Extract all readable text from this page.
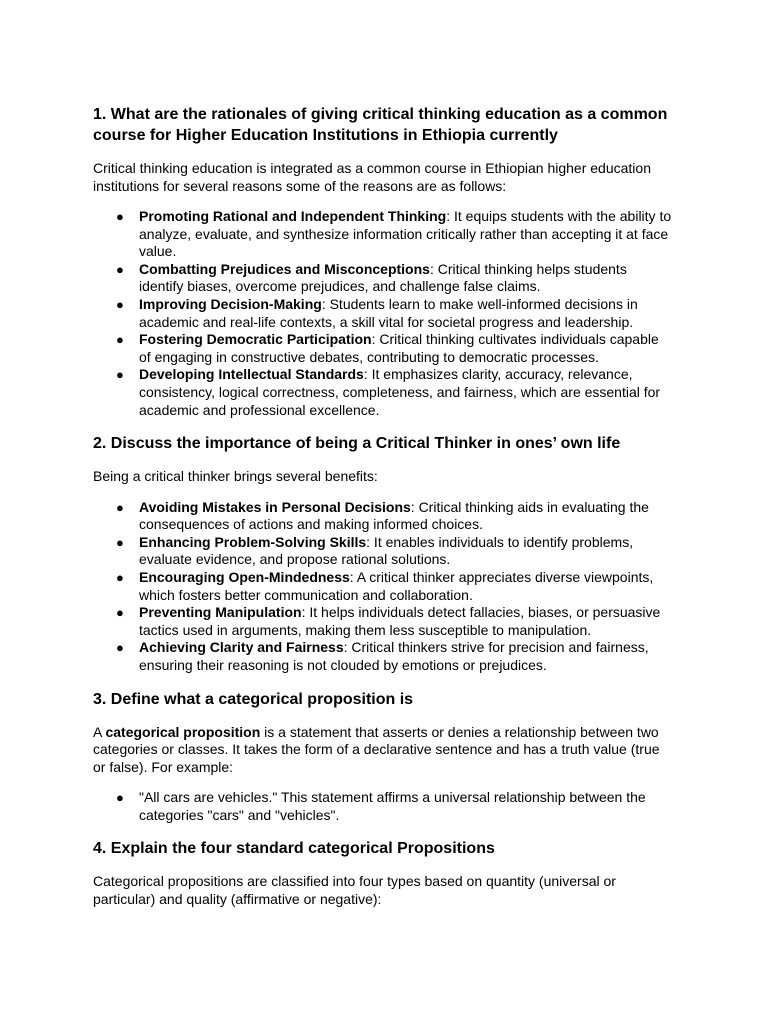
1. What are the rationales of giving critical thinking education as a common course for Higher Education Institutions in Ethiopia currently

Critical thinking education is integrated as a common course in Ethiopian higher education institutions for several reasons some of the reasons are as follows:

● Promoting Rational and Independent Thinking: It equips students with the ability to analyze, evaluate, and synthesize information critically rather than accepting it at face value.
● Combatting Prejudices and Misconceptions: Critical thinking helps students identify biases, overcome prejudices, and challenge false claims.
● Improving Decision-Making: Students learn to make well-informed decisions in academic and real-life contexts, a skill vital for societal progress and leadership.
● Fostering Democratic Participation: Critical thinking cultivates individuals capable of engaging in constructive debates, contributing to democratic processes.
● Developing Intellectual Standards: It emphasizes clarity, accuracy, relevance, consistency, logical correctness, completeness, and fairness, which are essential for academic and professional excellence.
2. Discuss the importance of being a Critical Thinker in ones’ own life

Being a critical thinker brings several benefits:

● Avoiding Mistakes in Personal Decisions: Critical thinking aids in evaluating the consequences of actions and making informed choices.
● Enhancing Problem-Solving Skills: It enables individuals to identify problems, evaluate evidence, and propose rational solutions.
● Encouraging Open-Mindedness: A critical thinker appreciates diverse viewpoints, which fosters better communication and collaboration.
● Preventing Manipulation: It helps individuals detect fallacies, biases, or persuasive tactics used in arguments, making them less susceptible to manipulation.
● Achieving Clarity and Fairness: Critical thinkers strive for precision and fairness, ensuring their reasoning is not clouded by emotions or prejudices.
3. Define what a categorical proposition is

A categorical proposition is a statement that asserts or denies a relationship between two categories or classes. It takes the form of a declarative sentence and has a truth value (true or false). For example:

● "All cars are vehicles." This statement affirms a universal relationship between the categories "cars" and "vehicles".
4. Explain the four standard categorical Propositions

Categorical propositions are classified into four types based on quantity (universal or particular) and quality (affirmative or negative):
